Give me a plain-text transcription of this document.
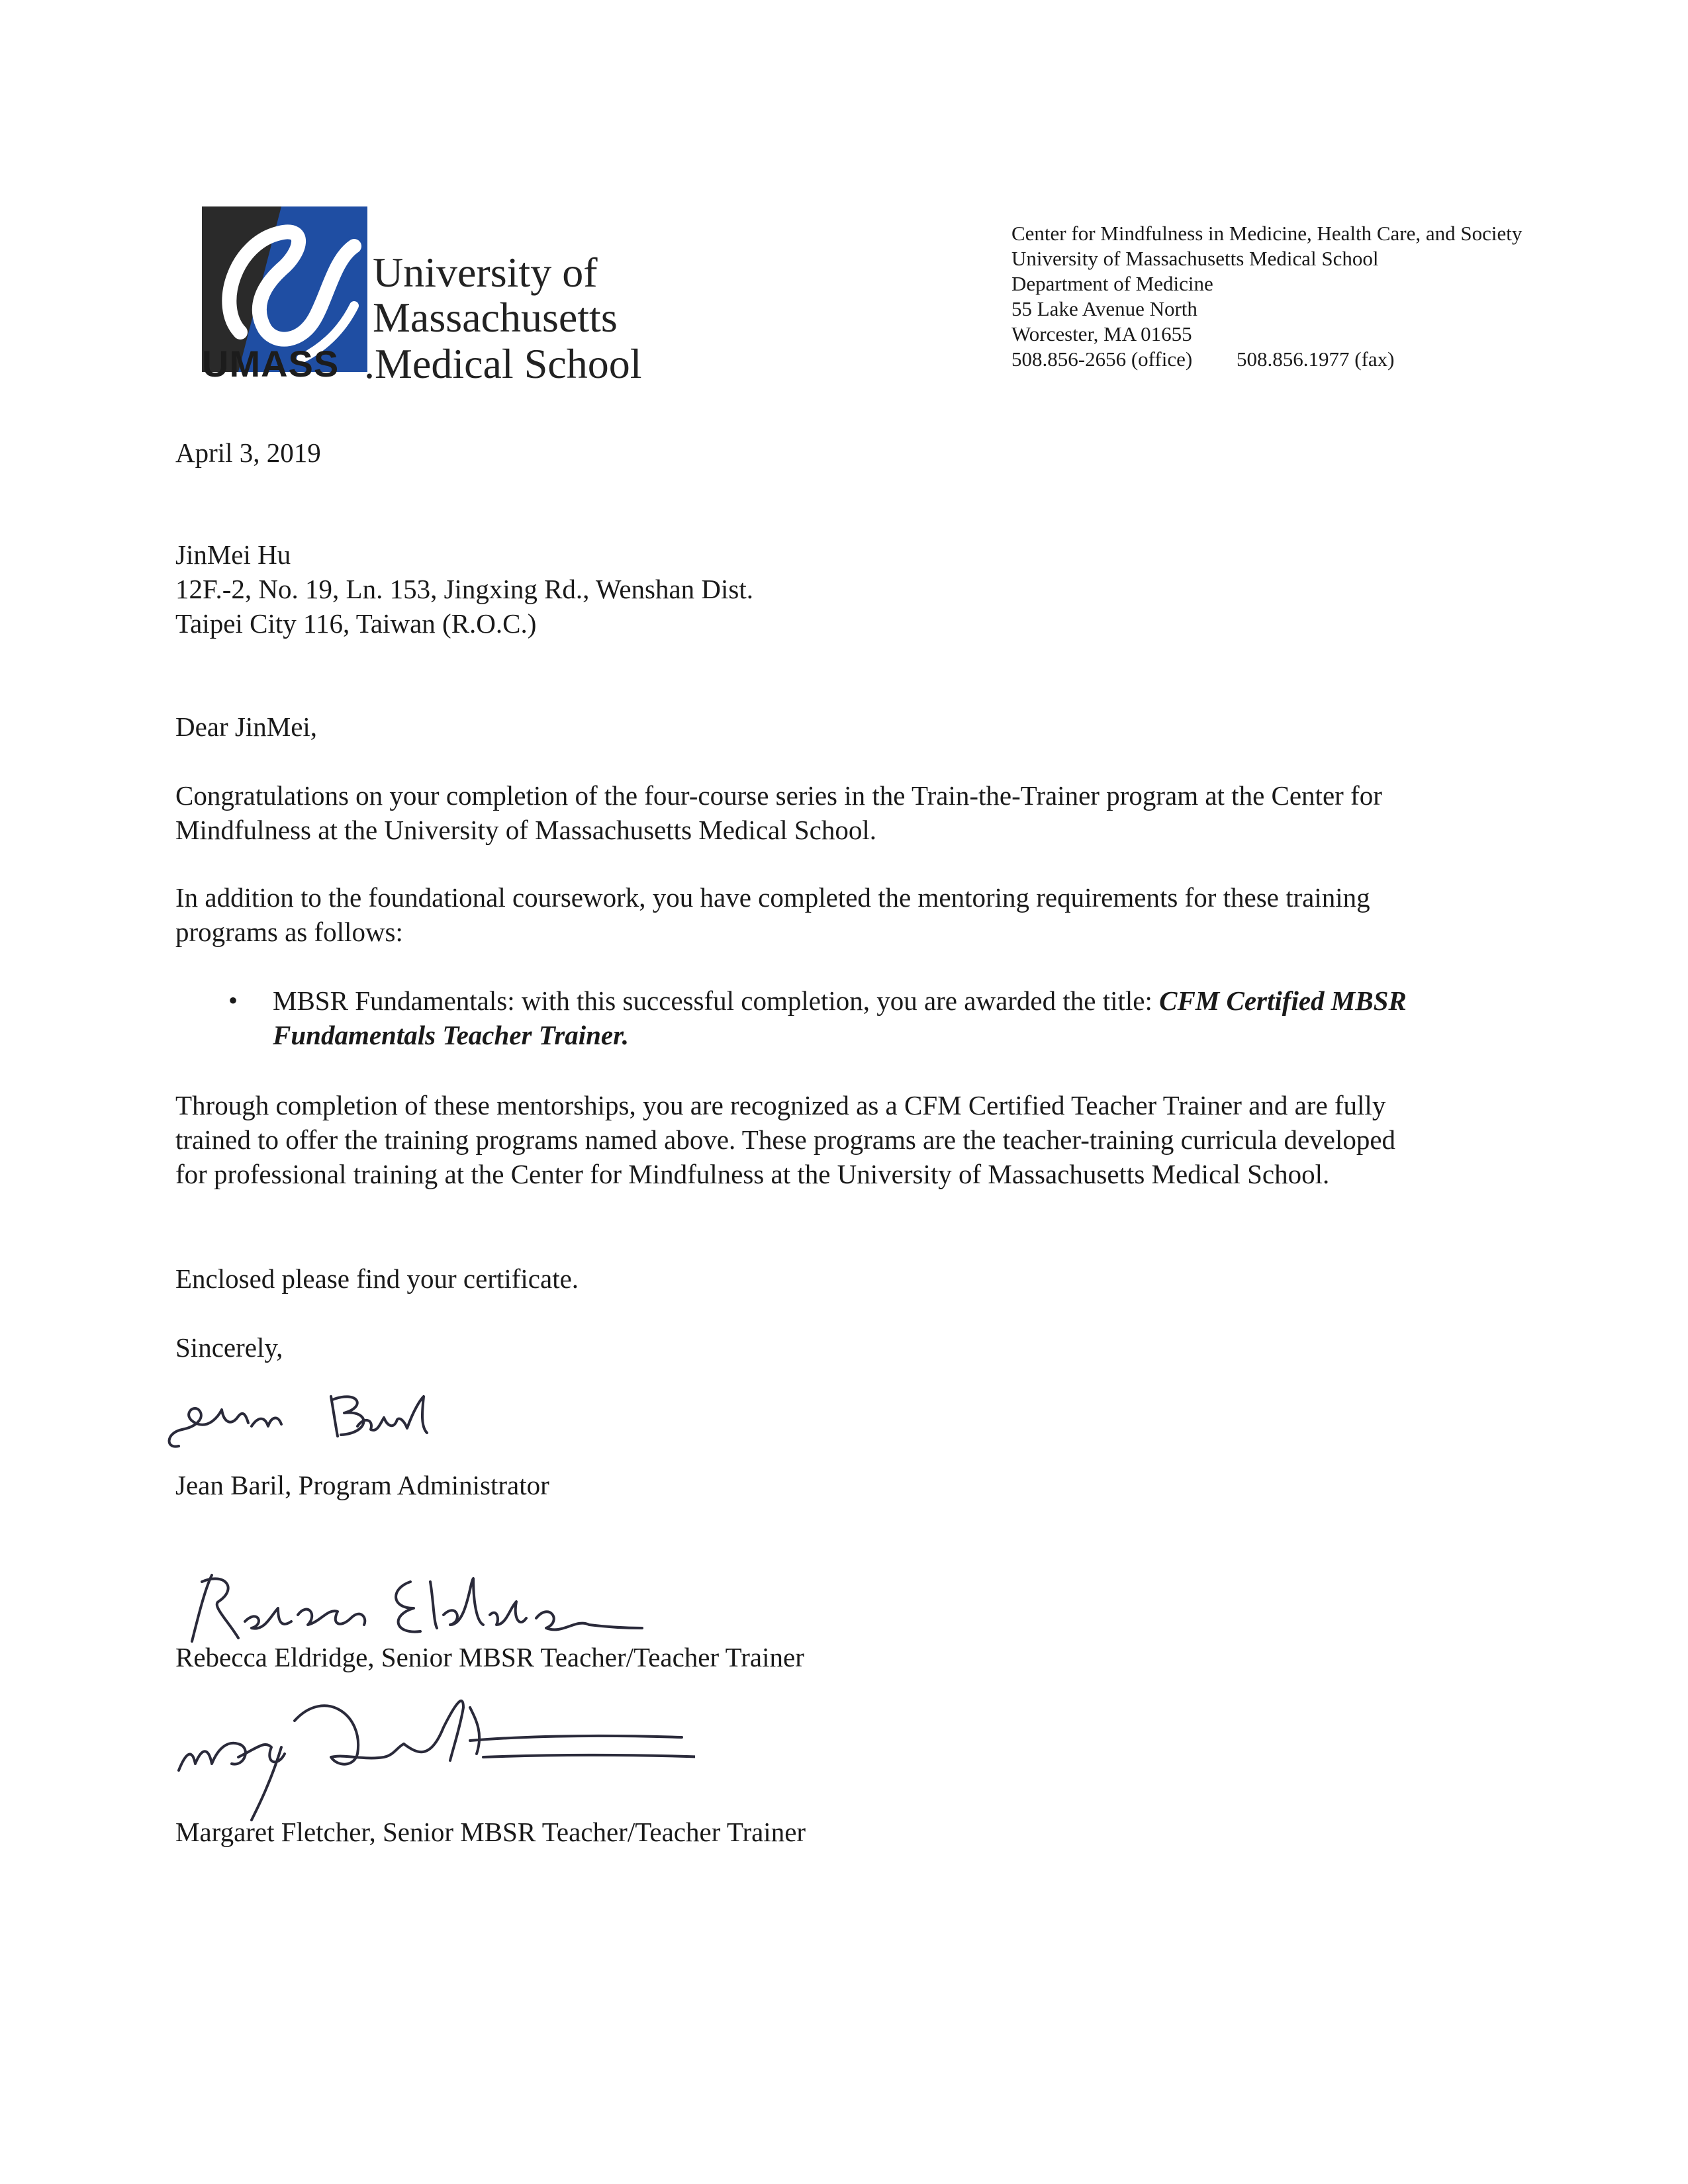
University of
Massachusetts
UMASS .Medical School
Center for Mindfulness in Medicine, Health Care, and Society
University of Massachusetts Medical School
Department of Medicine
55 Lake Avenue North
Worcester, MA 01655
508.856-2656 (office) 508.856.1977 (fax)
April 3, 2019
JinMei Hu
12F.-2, No. 19, Ln. 153, Jingxing Rd., Wenshan Dist.
Taipei City 116, Taiwan (R.O.C.)
Dear JinMei,
Congratulations on your completion of the four-course series in the Train-the-Trainer program at the Center for
Mindfulness at the University of Massachusetts Medical School.
In addition to the foundational coursework, you have completed the mentoring requirements for these training
programs as follows:
• MBSR Fundamentals: with this successful completion, you are awarded the title: CFM Certified MBSR
Fundamentals Teacher Trainer.
Through completion of these mentorships, you are recognized as a CFM Certified Teacher Trainer and are fully
trained to offer the training programs named above. These programs are the teacher-training curricula developed
for professional training at the Center for Mindfulness at the University of Massachusetts Medical School.
Enclosed please find your certificate.
Sincerely,
Jean Baril, Program Administrator
Rebecca Eldridge, Senior MBSR Teacher/Teacher Trainer
Margaret Fletcher, Senior MBSR Teacher/Teacher Trainer
